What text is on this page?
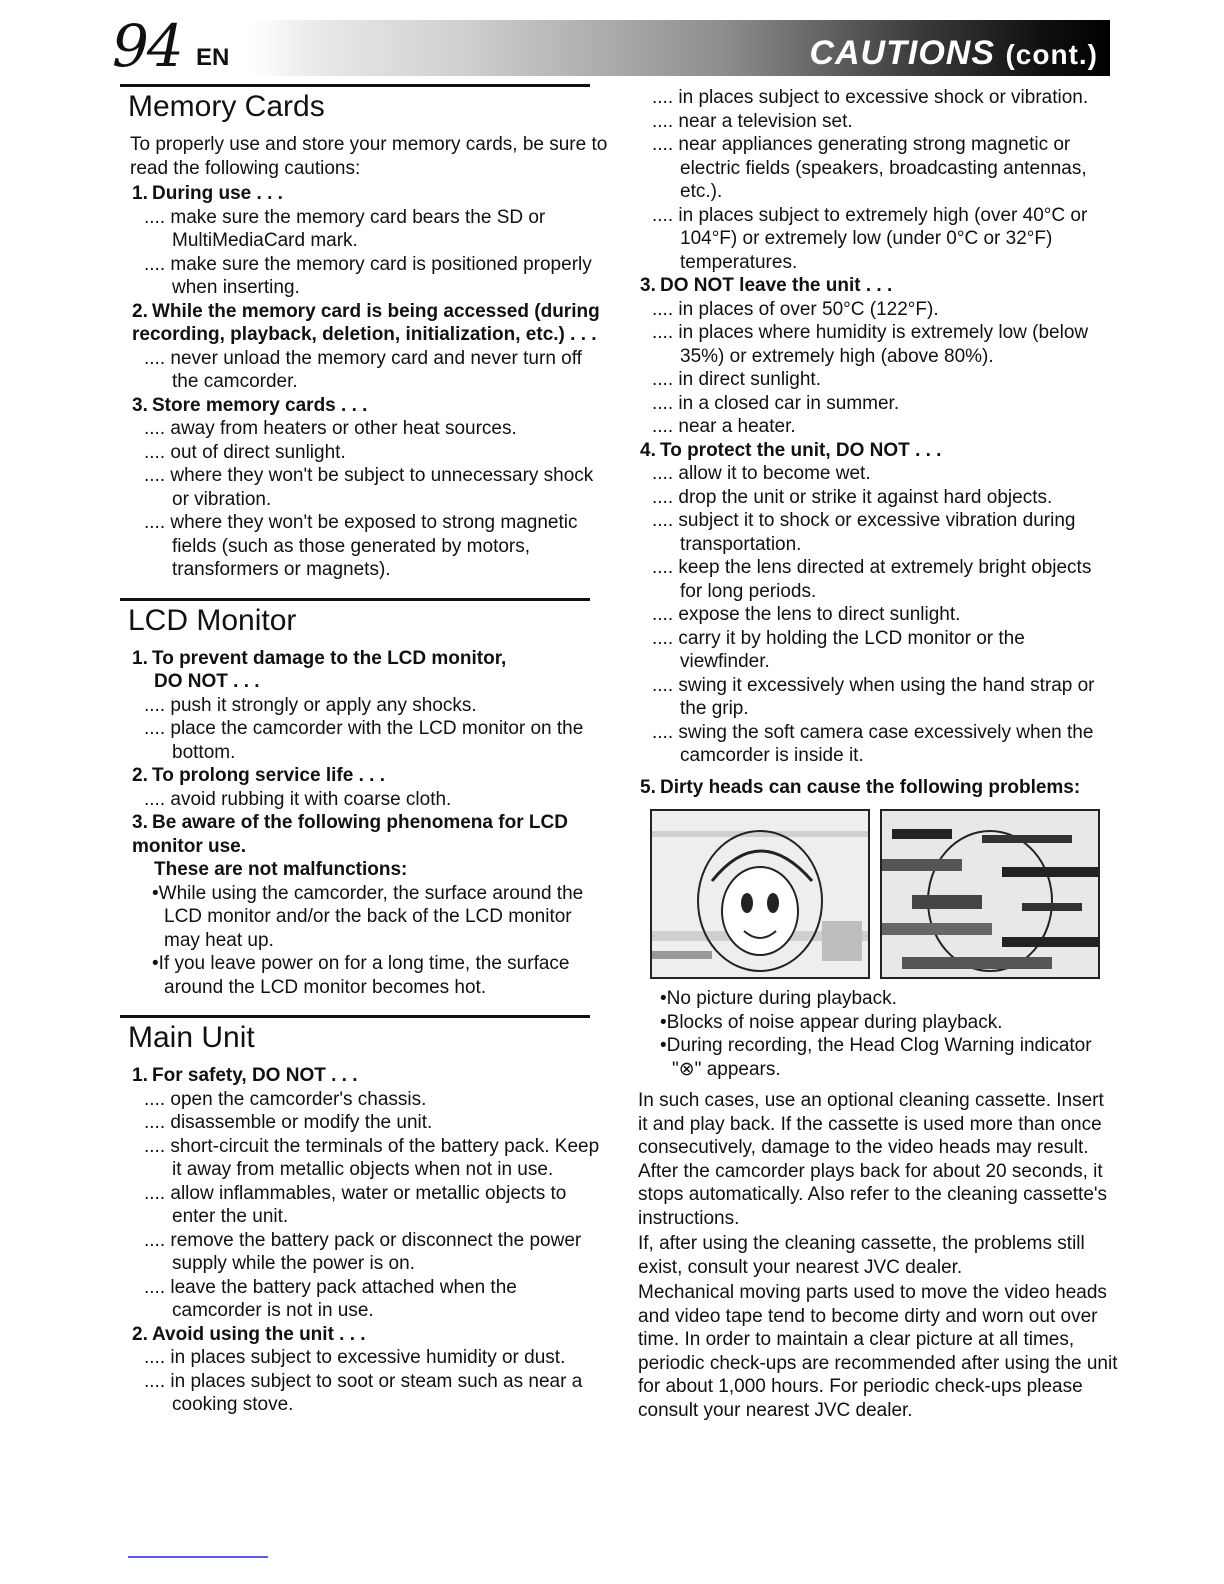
94 EN	CAUTIONS (cont.)
Memory Cards

To properly use and store your memory cards, be sure to read the following cautions:

1. During use . . .
.... make sure the memory card bears the SD or MultiMediaCard mark.
.... make sure the memory card is positioned properly when inserting.
2. While the memory card is being accessed (during recording, playback, deletion, initialization, etc.) . . .
.... never unload the memory card and never turn off the camcorder.
3. Store memory cards . . .
.... away from heaters or other heat sources.
.... out of direct sunlight.
.... where they won't be subject to unnecessary shock or vibration.
.... where they won't be exposed to strong magnetic fields (such as those generated by motors, transformers or magnets).
LCD Monitor
1. To prevent damage to the LCD monitor,
DO NOT . . .
.... push it strongly or apply any shocks.
.... place the camcorder with the LCD monitor on the bottom.
2. To prolong service life . . .
.... avoid rubbing it with coarse cloth.
3. Be aware of the following phenomena for LCD monitor use.
These are not malfunctions:
•While using the camcorder, the surface around the LCD monitor and/or the back of the LCD monitor may heat up.
•If you leave power on for a long time, the surface around the LCD monitor becomes hot.
Main Unit
1. For safety, DO NOT . . .
.... open the camcorder's chassis.
.... disassemble or modify the unit.
.... short-circuit the terminals of the battery pack. Keep it away from metallic objects when not in use.
.... allow inflammables, water or metallic objects to enter the unit.
.... remove the battery pack or disconnect the power supply while the power is on.
.... leave the battery pack attached when the camcorder is not in use.
2. Avoid using the unit . . .
.... in places subject to excessive humidity or dust.
.... in places subject to soot or steam such as near a cooking stove.
.... in places subject to excessive shock or vibration.
.... near a television set.
.... near appliances generating strong magnetic or electric fields (speakers, broadcasting antennas, etc.).
.... in places subject to extremely high (over 40°C or 104°F) or extremely low (under 0°C or 32°F) temperatures.
3. DO NOT leave the unit . . .
.... in places of over 50°C (122°F).
.... in places where humidity is extremely low (below 35%) or extremely high (above 80%).
.... in direct sunlight.
.... in a closed car in summer.
.... near a heater.
4. To protect the unit, DO NOT . . .
.... allow it to become wet.
.... drop the unit or strike it against hard objects.
.... subject it to shock or excessive vibration during transportation.
.... keep the lens directed at extremely bright objects for long periods.
.... expose the lens to direct sunlight.
.... carry it by holding the LCD monitor or the viewfinder.
.... swing it excessively when using the hand strap or the grip.
.... swing the soft camera case excessively when the camcorder is inside it.
5. Dirty heads can cause the following problems:
•No picture during playback.
•Blocks of noise appear during playback.
•During recording, the Head Clog Warning indicator "⊗" appears.

In such cases, use an optional cleaning cassette. Insert it and play back. If the cassette is used more than once consecutively, damage to the video heads may result. After the camcorder plays back for about 20 seconds, it stops automatically. Also refer to the cleaning cassette's instructions.

If, after using the cleaning cassette, the problems still exist, consult your nearest JVC dealer.

Mechanical moving parts used to move the video heads and video tape tend to become dirty and worn out over time. In order to maintain a clear picture at all times, periodic check-ups are recommended after using the unit for about 1,000 hours. For periodic check-ups please consult your nearest JVC dealer.
